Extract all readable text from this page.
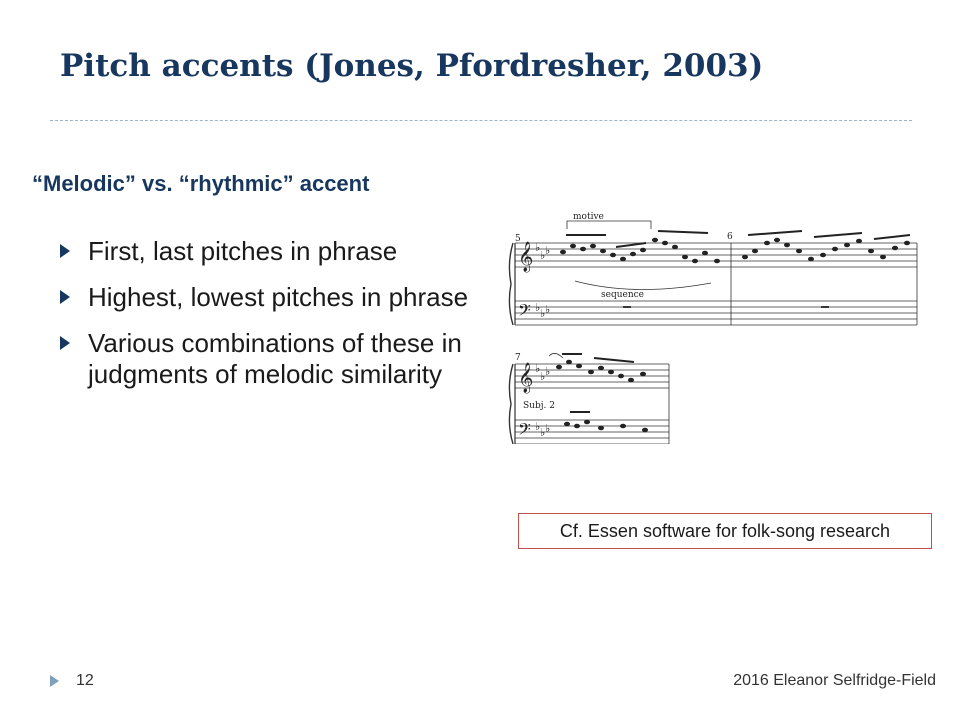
Pitch accents (Jones, Pfordresher, 2003)
“Melodic” vs. “rhythmic” accent
First, last pitches in phrase
Highest, lowest pitches in phrase
Various combinations of these in judgments of melodic similarity
𝄞
𝄢
♭
♭ ♭
♭ ♭ ♭
5	6
motive
sequence
𝄞
𝄢
♭
♭ ♭
♭ ♭ ♭
7
Subj. 2
Cf. Essen software for folk-song research
12	2016 Eleanor Selfridge-Field
